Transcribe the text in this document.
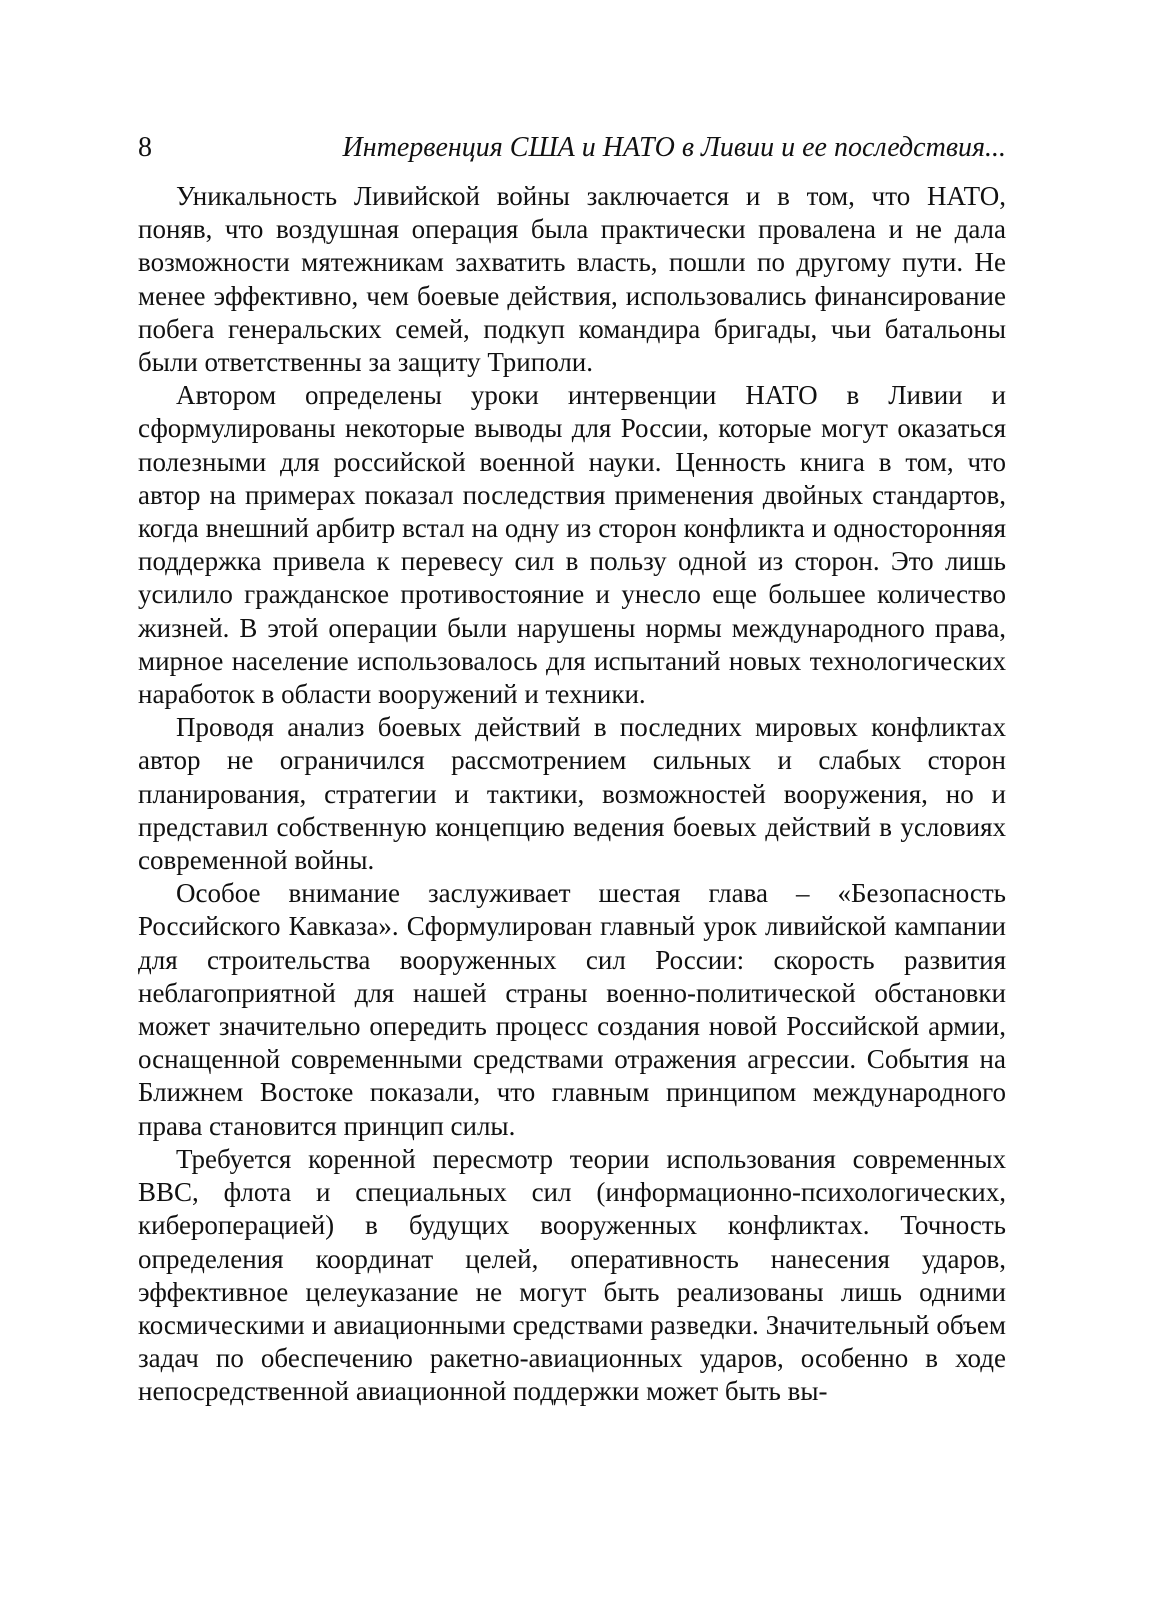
8	Интервенция США и НАТО в Ливии и ее последствия...

Уникальность Ливийской войны заключается и в том, что НАТО, поняв, что воздушная операция была практически провалена и не дала возможности мятежникам захватить власть, пошли по другому пути. Не менее эффективно, чем боевые действия, использовались финансирование побега генеральских семей, подкуп командира бригады, чьи батальоны были ответственны за защиту Триполи.

Автором определены уроки интервенции НАТО в Ливии и сформулированы некоторые выводы для России, которые могут оказаться полезными для российской военной науки. Ценность книга в том, что автор на примерах показал последствия применения двойных стандартов, когда внешний арбитр встал на одну из сторон конфликта и односторонняя поддержка привела к перевесу сил в пользу одной из сторон. Это лишь усилило гражданское противостояние и унесло еще большее количество жизней. В этой операции были нарушены нормы международного права, мирное население использовалось для испытаний новых технологических наработок в области вооружений и техники.

Проводя анализ боевых действий в последних мировых конфликтах автор не ограничился рассмотрением сильных и слабых сторон планирования, стратегии и тактики, возможностей вооружения, но и представил собственную концепцию ведения боевых действий в условиях современной войны.

Особое внимание заслуживает шестая глава – «Безопасность Российского Кавказа». Сформулирован главный урок ливийской кампании для строительства вооруженных сил России: скорость развития неблагоприятной для нашей страны военно-политической обстановки может значительно опередить процесс создания новой Российской армии, оснащенной современными средствами отражения агрессии. События на Ближнем Востоке показали, что главным принципом международного права становится принцип силы.

Требуется коренной пересмотр теории использования современных ВВС, флота и специальных сил (информационно-психологических, кибероперацией) в будущих вооруженных конфликтах. Точность определения координат целей, оперативность нанесения ударов, эффективное целеуказание не могут быть реализованы лишь одними космическими и авиационными средствами разведки. Значительный объем задач по обеспечению ракетно-авиационных ударов, особенно в ходе непосредственной авиационной поддержки может быть вы-
